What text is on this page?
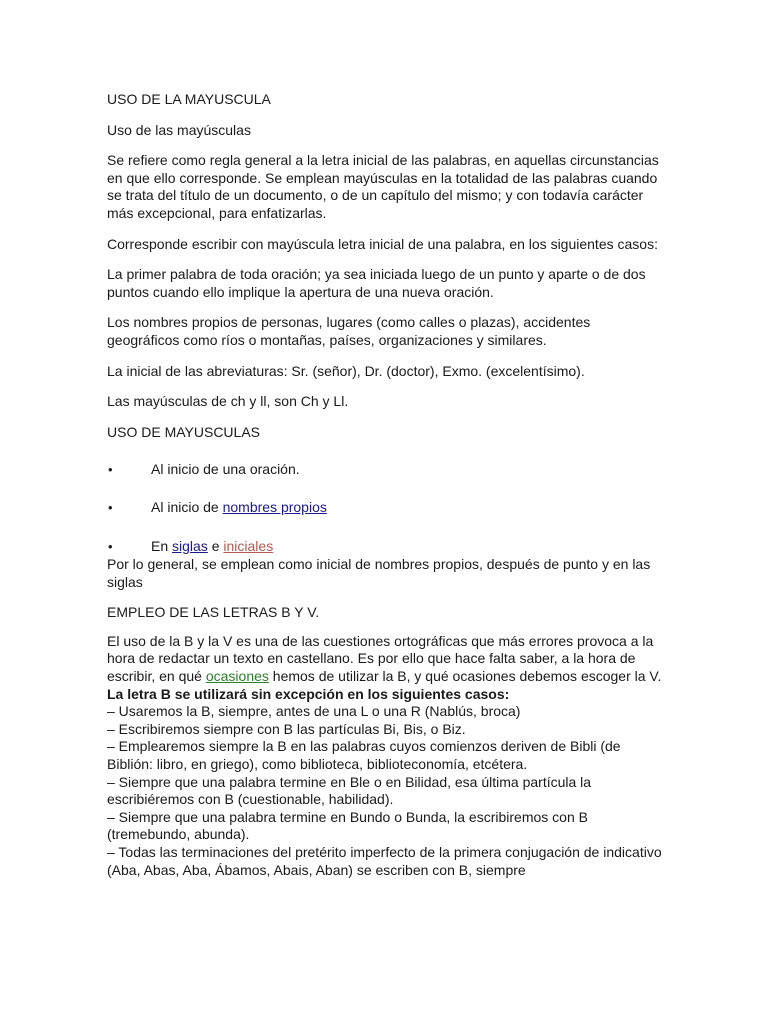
USO DE LA MAYUSCULA

Uso de las mayúsculas

Se refiere como regla general a la letra inicial de las palabras, en aquellas circunstancias en que ello corresponde. Se emplean mayúsculas en la totalidad de las palabras cuando se trata del título de un documento, o de un capítulo del mismo; y con todavía carácter más excepcional, para enfatizarlas.

Corresponde escribir con mayúscula letra inicial de una palabra, en los siguientes casos:

La primer palabra de toda oración; ya sea iniciada luego de un punto y aparte o de dos puntos cuando ello implique la apertura de una nueva oración.

Los nombres propios de personas, lugares (como calles o plazas), accidentes geográficos como ríos o montañas, países, organizaciones y similares.

La inicial de las abreviaturas: Sr. (señor), Dr. (doctor), Exmo. (excelentísimo).

Las mayúsculas de ch y ll, son Ch y Ll.

USO DE MAYUSCULAS

•	Al inicio de una oración.
•	Al inicio de nombres propios
•	En siglas e iniciales

Por lo general, se emplean como inicial de nombres propios, después de punto y en las siglas

EMPLEO DE LAS LETRAS B Y V.

El uso de la B y la V es una de las cuestiones ortográficas que más errores provoca a la hora de redactar un texto en castellano. Es por ello que hace falta saber, a la hora de escribir, en qué ocasiones hemos de utilizar la B, y qué ocasiones debemos escoger la V.

La letra B se utilizará sin excepción en los siguientes casos:

– Usaremos la B, siempre, antes de una L o una R (Nablús, broca)

– Escribiremos siempre con B las partículas Bi, Bis, o Biz.

– Emplearemos siempre la B en las palabras cuyos comienzos deriven de Bibli (de Biblión: libro, en griego), como biblioteca, biblioteconomía, etcétera.

– Siempre que una palabra termine en Ble o en Bilidad, esa última partícula la escribiéremos con B (cuestionable, habilidad).

– Siempre que una palabra termine en Bundo o Bunda, la escribiremos con B (tremebundo, abunda).

– Todas las terminaciones del pretérito imperfecto de la primera conjugación de indicativo (Aba, Abas, Aba, Ábamos, Abais, Aban) se escriben con B, siempre
